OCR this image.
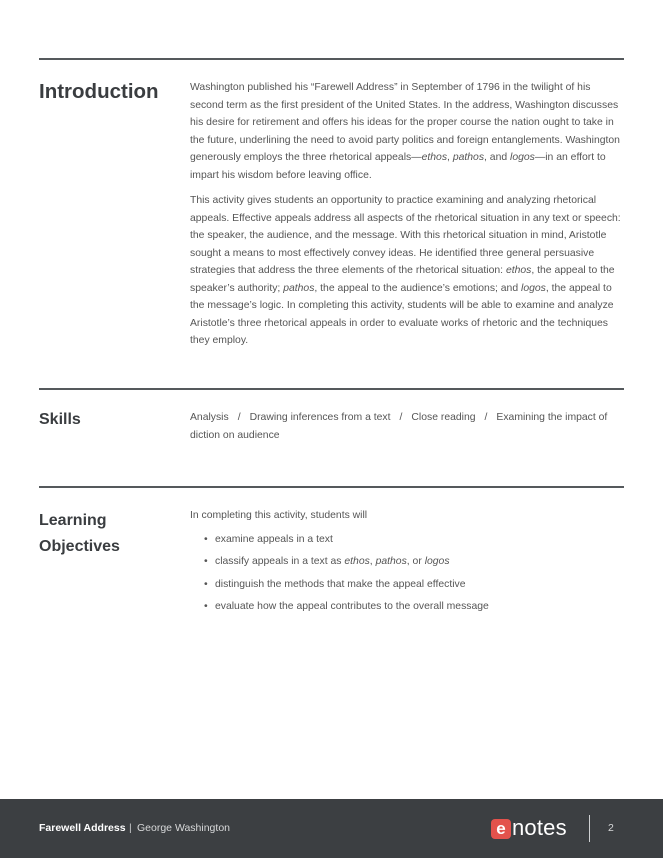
Introduction	Washington published his “Farewell Address” in September of 1796 in the twilight of his second term as the first president of the United States. In the address, Washington discusses his desire for retirement and offers his ideas for the proper course the nation ought to take in the future, underlining the need to avoid party politics and foreign entanglements. Washington generously employs the three rhetorical appeals—ethos, pathos, and logos—in an effort to impart his wisdom before leaving office.

This activity gives students an opportunity to practice examining and analyzing rhetorical appeals. Effective appeals address all aspects of the rhetorical situation in any text or speech: the speaker, the audience, and the message. With this rhetorical situation in mind, Aristotle sought a means to most effectively convey ideas. He identified three general persuasive strategies that address the three elements of the rhetorical situation: ethos, the appeal to the speaker’s authority; pathos, the appeal to the audience’s emotions; and logos, the appeal to the message’s logic. In completing this activity, students will be able to examine and analyze Aristotle’s three rhetorical appeals in order to evaluate works of rhetoric and the techniques they employ.

Skills	Analysis / Drawing inferences from a text / Close reading / Examining the impact of diction on audience
Learning
Objectives
In completing this activity, students will
• examine appeals in a text
• classify appeals in a text as ethos, pathos, or logos
• distinguish the methods that make the appeal effective
• evaluate how the appeal contributes to the overall message
Farewell Address | George Washington	e notes	2
